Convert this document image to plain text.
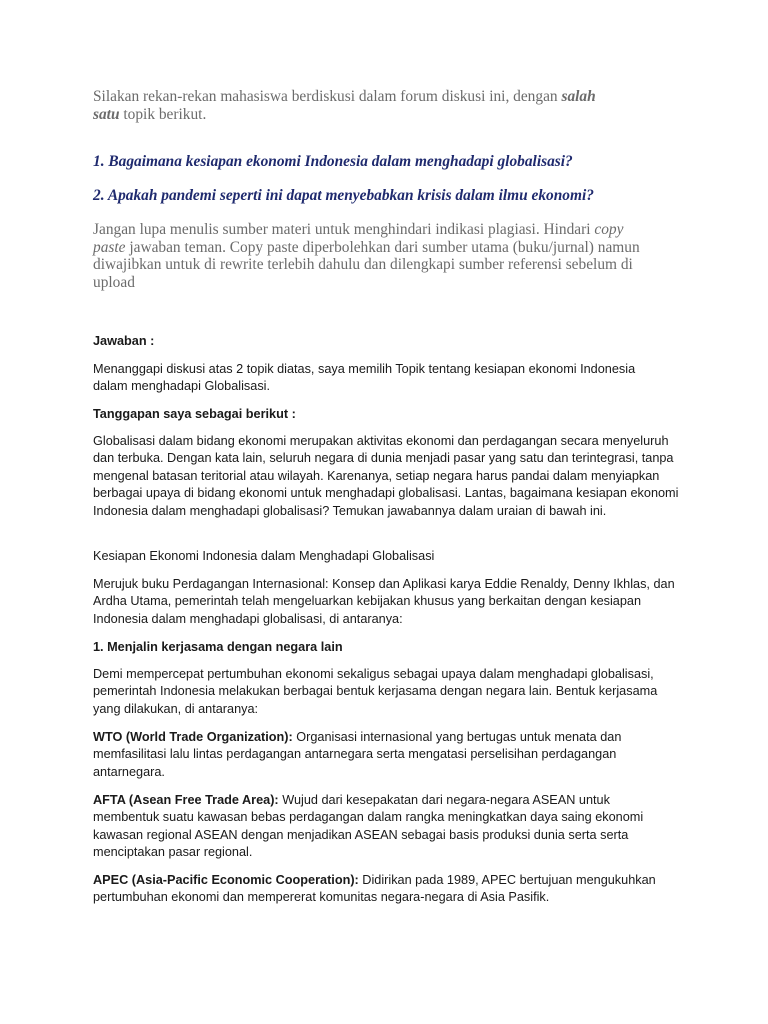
Silakan rekan-rekan mahasiswa berdiskusi dalam forum diskusi ini, dengan salah
satu topik berikut.

1. Bagaimana kesiapan ekonomi Indonesia dalam menghadapi globalisasi?

2. Apakah pandemi seperti ini dapat menyebabkan krisis dalam ilmu ekonomi?

Jangan lupa menulis sumber materi untuk menghindari indikasi plagiasi. Hindari copy
paste jawaban teman. Copy paste diperbolehkan dari sumber utama (buku/jurnal) namun diwajibkan untuk di rewrite terlebih dahulu dan dilengkapi sumber referensi sebelum di upload

Jawaban :

Menanggapi diskusi atas 2 topik diatas, saya memilih Topik tentang kesiapan ekonomi Indonesia dalam menghadapi Globalisasi.

Tanggapan saya sebagai berikut :

Globalisasi dalam bidang ekonomi merupakan aktivitas ekonomi dan perdagangan secara menyeluruh dan terbuka. Dengan kata lain, seluruh negara di dunia menjadi pasar yang satu dan terintegrasi, tanpa mengenal batasan teritorial atau wilayah. Karenanya, setiap negara harus pandai dalam menyiapkan berbagai upaya di bidang ekonomi untuk menghadapi globalisasi. Lantas, bagaimana kesiapan ekonomi Indonesia dalam menghadapi globalisasi? Temukan jawabannya dalam uraian di bawah ini.

Kesiapan Ekonomi Indonesia dalam Menghadapi Globalisasi

Merujuk buku Perdagangan Internasional: Konsep dan Aplikasi karya Eddie Renaldy, Denny Ikhlas, dan Ardha Utama, pemerintah telah mengeluarkan kebijakan khusus yang berkaitan dengan kesiapan Indonesia dalam menghadapi globalisasi, di antaranya:

1. Menjalin kerjasama dengan negara lain

Demi mempercepat pertumbuhan ekonomi sekaligus sebagai upaya dalam menghadapi globalisasi, pemerintah Indonesia melakukan berbagai bentuk kerjasama dengan negara lain. Bentuk kerjasama yang dilakukan, di antaranya:

WTO (World Trade Organization): Organisasi internasional yang bertugas untuk menata dan memfasilitasi lalu lintas perdagangan antarnegara serta mengatasi perselisihan perdagangan antarnegara.

AFTA (Asean Free Trade Area): Wujud dari kesepakatan dari negara-negara ASEAN untuk membentuk suatu kawasan bebas perdagangan dalam rangka meningkatkan daya saing ekonomi kawasan regional ASEAN dengan menjadikan ASEAN sebagai basis produksi dunia serta serta menciptakan pasar regional.

APEC (Asia-Pacific Economic Cooperation): Didirikan pada 1989, APEC bertujuan mengukuhkan pertumbuhan ekonomi dan mempererat komunitas negara-negara di Asia Pasifik.
